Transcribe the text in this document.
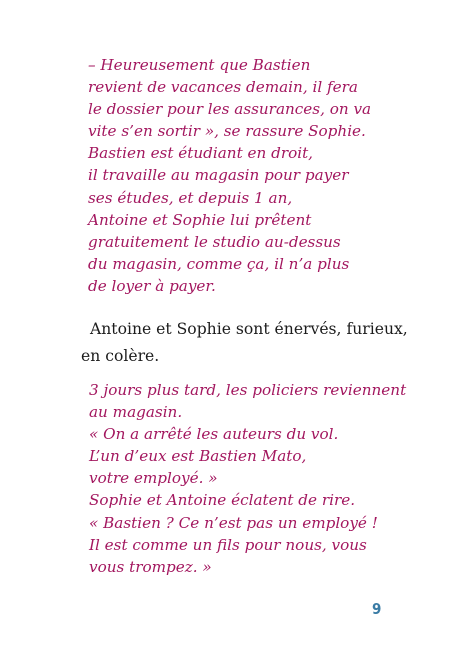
– Heureusement que Bastien
revient de vacances demain, il fera
le dossier pour les assurances, on va
vite s’en sortir », se rassure Sophie.
Bastien est étudiant en droit,
il travaille au magasin pour payer
ses études, et depuis 1 an,
Antoine et Sophie lui prêtent
gratuitement le studio au-dessus
du magasin, comme ça, il n’a plus
de loyer à payer.
Antoine et Sophie sont énervés, furieux,
en colère.
3 jours plus tard, les policiers reviennent
au magasin.
« On a arrêté les auteurs du vol.
L’un d’eux est Bastien Mato,
votre employé. »
Sophie et Antoine éclatent de rire.
« Bastien ? Ce n’est pas un employé !
Il est comme un fils pour nous, vous
vous trompez. »
9
